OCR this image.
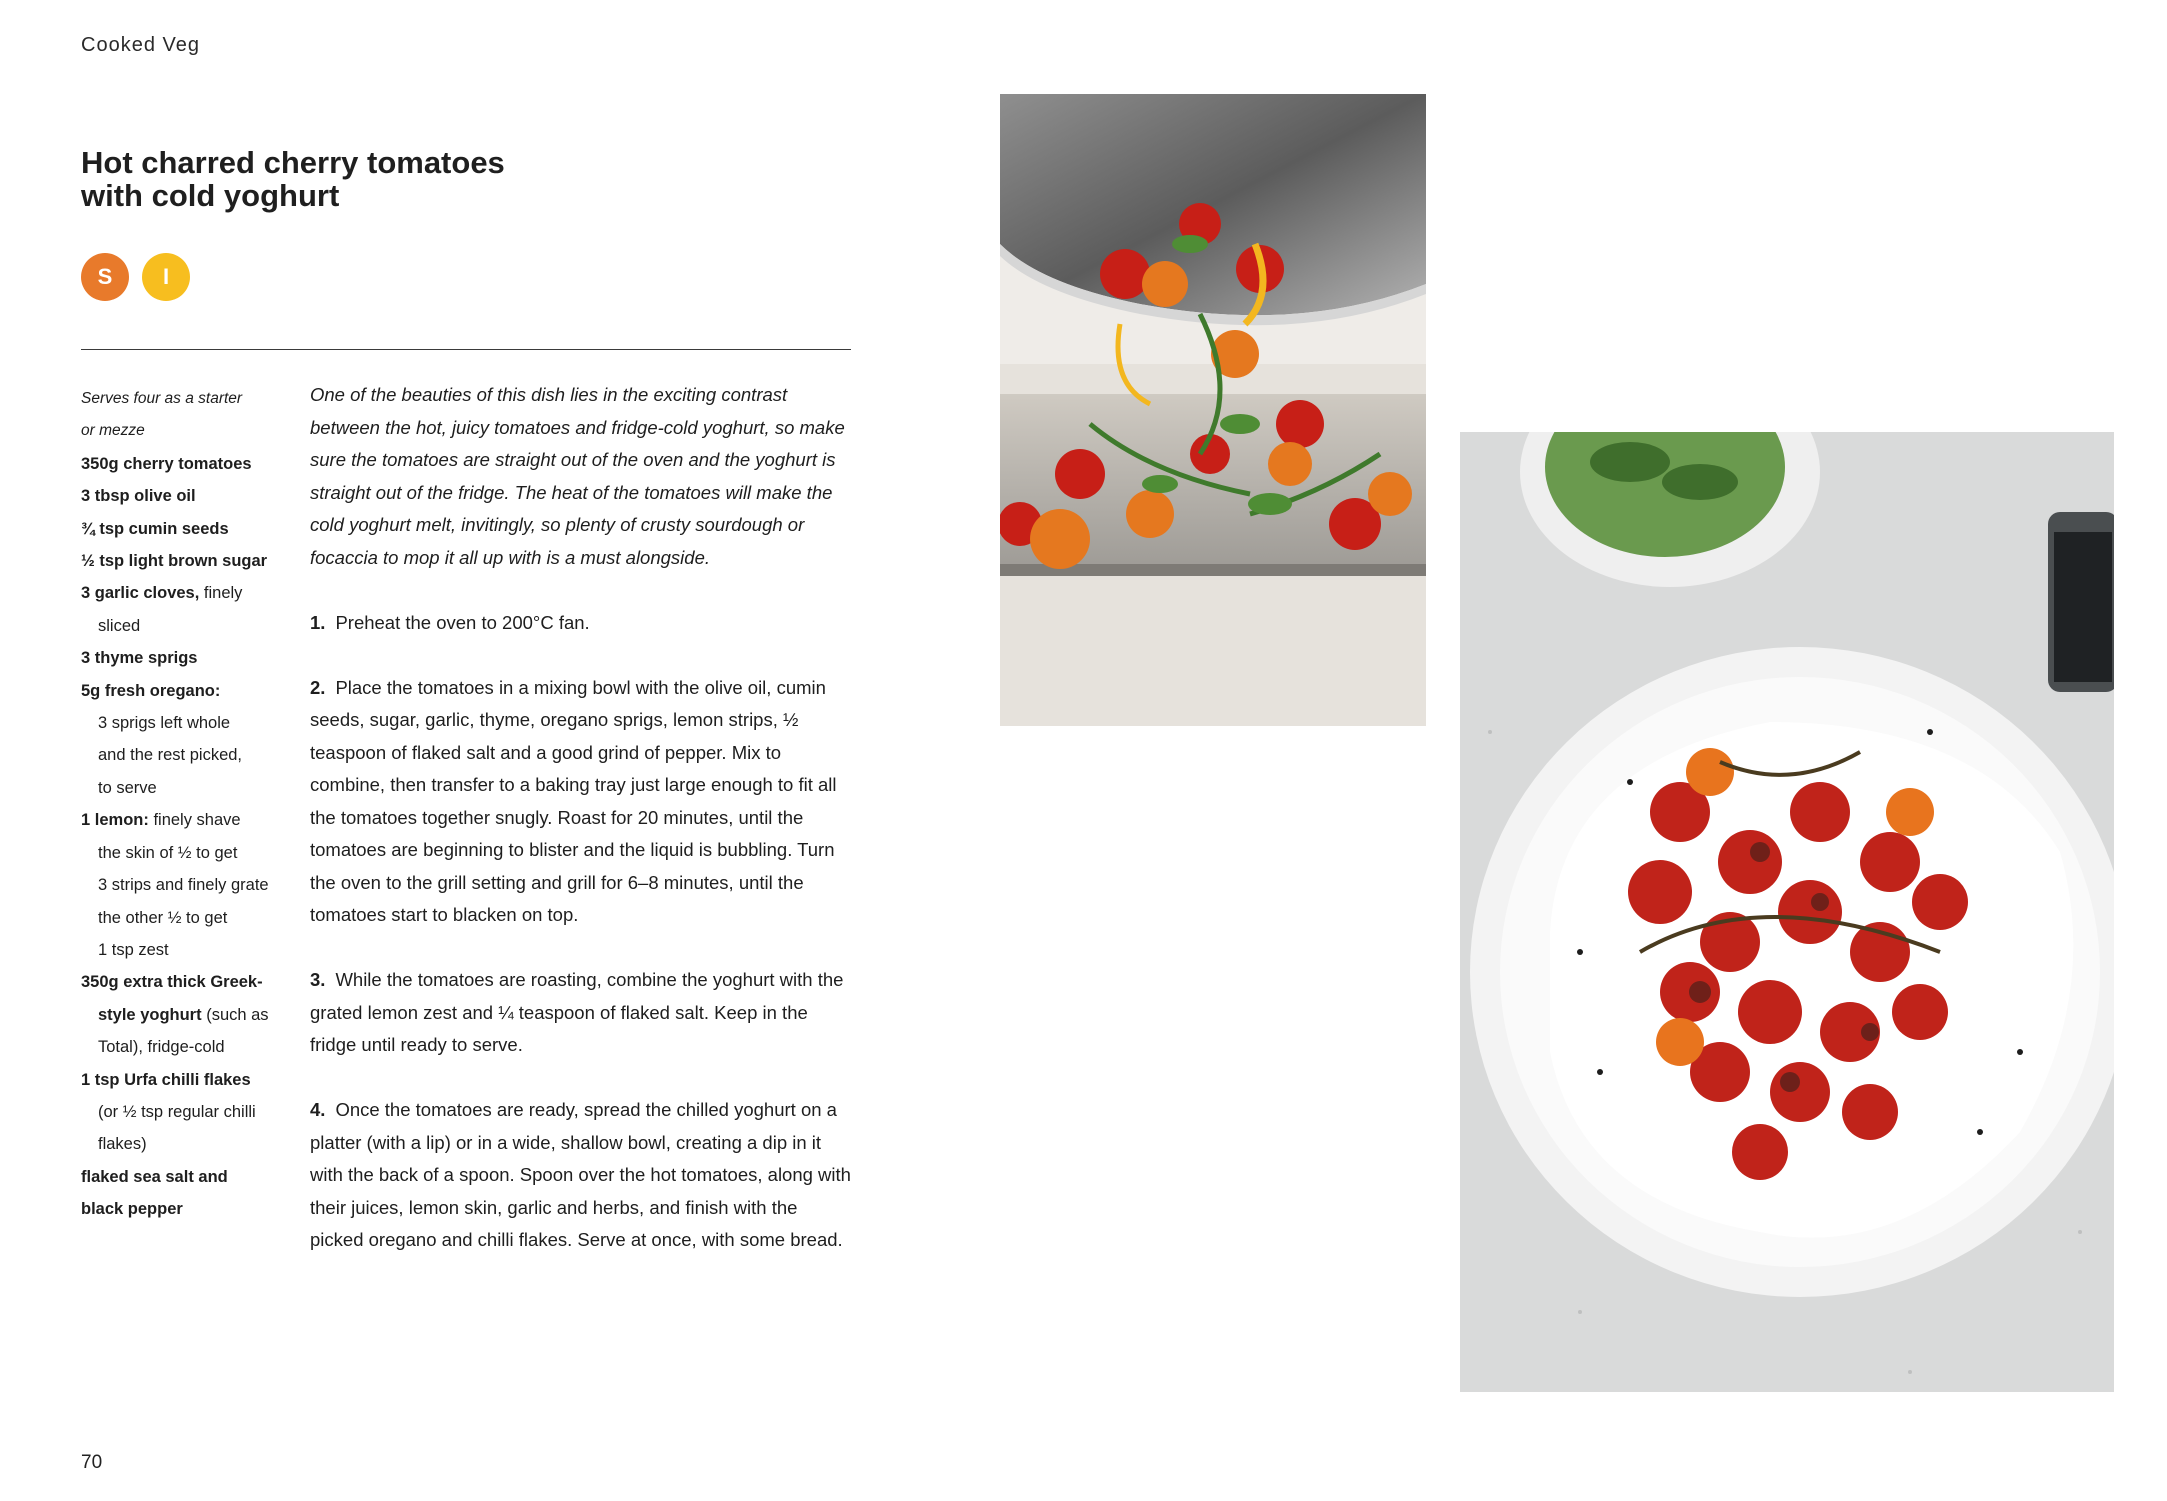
Cooked Veg
Hot charred cherry tomatoes
with cold yoghurt
S I
Serves four as a starter
or mezze
350g cherry tomatoes
3 tbsp olive oil
¾ tsp cumin seeds
½ tsp light brown sugar
3 garlic cloves, finely
sliced
3 thyme sprigs
5g fresh oregano:
3 sprigs left whole
and the rest picked,
to serve
1 lemon: finely shave
the skin of ½ to get
3 strips and finely grate
the other ½ to get
1 tsp zest
350g extra thick Greek-
style yoghurt (such as
Total), fridge-cold
1 tsp Urfa chilli flakes
(or ½ tsp regular chilli
flakes)
flaked sea salt and
black pepper

One of the beauties of this dish lies in the exciting contrast between the hot, juicy tomatoes and fridge-cold yoghurt, so make sure the tomatoes are straight out of the oven and the yoghurt is straight out of the fridge. The heat of the tomatoes will make the cold yoghurt melt, invitingly, so plenty of crusty sourdough or focaccia to mop it all up with is a must alongside.

1. Preheat the oven to 200°C fan.

2. Place the tomatoes in a mixing bowl with the olive oil, cumin seeds, sugar, garlic, thyme, oregano sprigs, lemon strips, ½ teaspoon of flaked salt and a good grind of pepper. Mix to combine, then transfer to a baking tray just large enough to fit all the tomatoes together snugly. Roast for 20 minutes, until the tomatoes are beginning to blister and the liquid is bubbling. Turn the oven to the grill setting and grill for 6–8 minutes, until the tomatoes start to blacken on top.

3. While the tomatoes are roasting, combine the yoghurt with the grated lemon zest and ¼ teaspoon of flaked salt. Keep in the fridge until ready to serve.

4. Once the tomatoes are ready, spread the chilled yoghurt on a platter (with a lip) or in a wide, shallow bowl, creating a dip in it with the back of a spoon. Spoon over the hot tomatoes, along with their juices, lemon skin, garlic and herbs, and finish with the picked oregano and chilli flakes. Serve at once, with some bread.

70
